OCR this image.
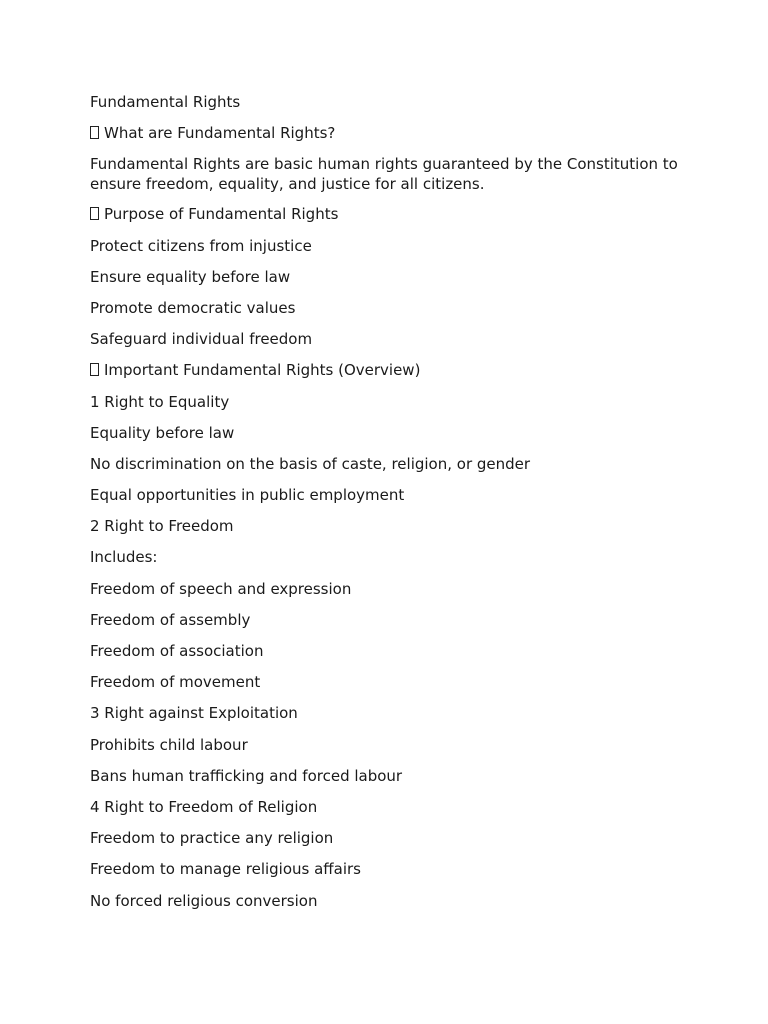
Fundamental Rights
What are Fundamental Rights?
Fundamental Rights are basic human rights guaranteed by the Constitution to ensure freedom, equality, and justice for all citizens.
Purpose of Fundamental Rights
Protect citizens from injustice
Ensure equality before law
Promote democratic values
Safeguard individual freedom
Important Fundamental Rights (Overview)
1 Right to Equality
Equality before law
No discrimination on the basis of caste, religion, or gender
Equal opportunities in public employment
2 Right to Freedom
Includes:
Freedom of speech and expression
Freedom of assembly
Freedom of association
Freedom of movement
3 Right against Exploitation
Prohibits child labour
Bans human trafficking and forced labour
4 Right to Freedom of Religion
Freedom to practice any religion
Freedom to manage religious affairs
No forced religious conversion
